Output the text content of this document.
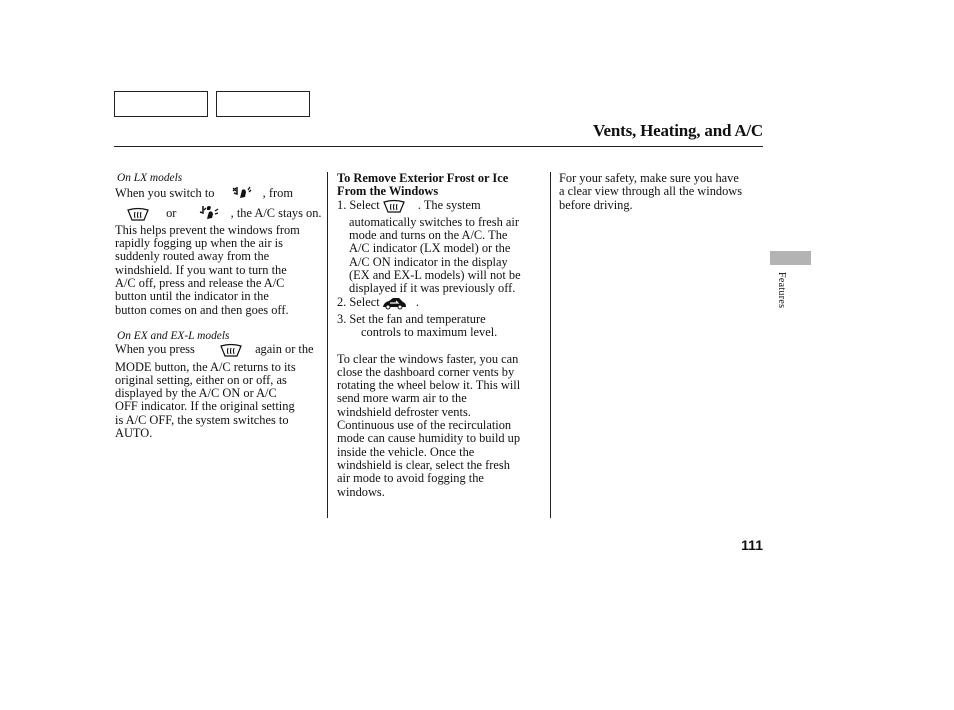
Vents, Heating, and A/C
On LX models
When you switch to	, from
or	, the A/C stays on.
This helps prevent the windows from
rapidly fogging up when the air is
suddenly routed away from the
windshield. If you want to turn the
A/C off, press and release the A/C
button until the indicator in the
button comes on and then goes off.
On EX and EX-L models
When you press	again or the
MODE button, the A/C returns to its
original setting, either on or off, as
displayed by the A/C ON or A/C
OFF indicator. If the original setting
is A/C OFF, the system switches to
AUTO.
To Remove Exterior Frost or Ice
From the Windows
1. Select	. The system
automatically switches to fresh air
mode and turns on the A/C. The
A/C indicator (LX model) or the
A/C ON indicator in the display
(EX and EX-L models) will not be
displayed if it was previously off.
2. Select	.
3. Set the fan and temperature
controls to maximum level.
To clear the windows faster, you can
close the dashboard corner vents by
rotating the wheel below it. This will
send more warm air to the
windshield defroster vents.
Continuous use of the recirculation
mode can cause humidity to build up
inside the vehicle. Once the
windshield is clear, select the fresh
air mode to avoid fogging the
windows.
For your safety, make sure you have
a clear view through all the windows
before driving.
Features
111
